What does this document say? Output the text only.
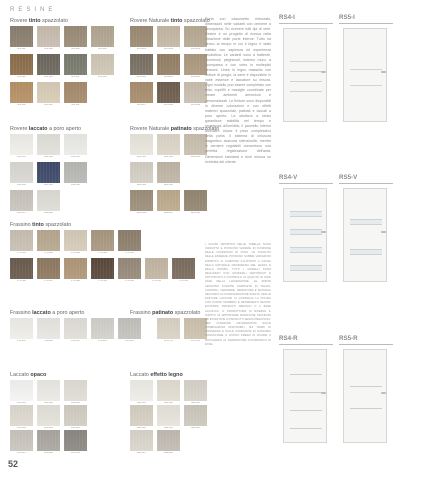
RESINE
Rovere tinto spazzolato
RIV.101	RIV.102	RIV.103	RIV.104
RIV.105	RIV.106	RIV.107	RIV.108
RIV.109	RIV.110	RIV.111
Rovere Naturale tinto spazzolato
RNT.201	RNT.202	RNT.203
RNT.204	RNT.205	RNT.206
RNT.207	RNT.208	RNT.209
Rovere laccato a poro aperto
RLP.301	RLP.302	RLP.303
RLP.304	RLP.305	RLP.306
RLP.307	RLP.308
Rovere Naturale patinato spazzolato
RNP.401	RNP.402	RNP.403
RNP.404	RNP.405
RNP.406	RNP.407	RNP.408
Frassino tinto spazzolato
FTS.501	FTS.502	FTS.503	FTS.504	FTS.505
FTS.506	FTS.507	FTS.508	FTS.509	FTS.510	FTS.511	FTS.512
Frassino laccato a poro aperto
FLP.601	FLP.602	FLP.603	FLP.604	FLP.605
Frassino patinato spazzolato
FPS.701	FPS.702
Laccato opaco
LOP.801	LOP.802	LOP.803
LOP.804	LOP.805	LOP.806
LOP.807	LOP.808	LOP.809
Laccato effetto legno
LEL.901	LEL.902	LEL.903
LEL.904	LEL.905	LEL.906
LEL.907	LEL.908
Porta con cassonetto rinforzato, dimensioni nelle varianti con cerniere a scomparsa. Su ricevere tutti tipi di vetri. Resine è un progetto di ricerca nella creazione delle porte interne. Tutto ha senso al tempo in cui il legno è stato trattato con sapienza ed esperienza produttiva. Le varianti sono a battente, scorrevoli, pieghevoli, esterno muro, a scomparsa e con vetro in molteplici versioni. Linea in legno massello con finiture di pregio; la serie è disponibile in varie essenze e laccature su misura. Ogni modello può essere completato con telai, coprifili e maniglie coordinate per creare ambienti armoniosi e personalizzati. Le finiture sono disponibili in diverse colorazioni e con effetti materici spazzolati, patinati e laccati a poro aperto. La struttura a telaio garantisce stabilità nel tempo e resistenza all'umidità; il pannello interno alveolare riduce il peso complessivo della porta. Il sistema di chiusura magnetico assicura silenziosità, mentre le cerniere regolabili consentono una perfetta registrazione dell'anta. Dimensioni standard e fuori misura su richiesta del cliente.
I VALORI RIPORTATI NELLE TABELLE SONO INDICATIVI E POSSONO VARIARE IN FUNZIONE DELLE CONDIZIONI DI POSA. LE TONALITÀ DELLE ESSENZE POSSONO SUBIRE VARIAZIONI RISPETTO AI CAMPIONI ILLUSTRATI A CAUSA DELLA NATURALE DIFFERENZA DEL LEGNO E DELLA STAMPA. TUTTI I MODELLI SONO REALIZZATI CON MATERIALI CERTIFICATI E SOTTOPOSTI A CONTROLLI DI QUALITÀ IN OGNI FASE DELLA LAVORAZIONE. LE PORTE VENGONO FORNITE COMPLETE DI TELAIO, COPRIFILI, CERNIERE, SERRATURA E MANIGLIA SECONDO LA CONFIGURAZIONE SCELTA. PER LE FINITURE LACCATE SI CONSIGLIA LA PULIZIA CON PANNO MORBIDO E DETERGENTI NEUTRI, EVITANDO PRODOTTI ABRASIVI O A BASE ALCOLICA. IL PRODUTTORE SI RISERVA IL DIRITTO DI APPORTARE MODIFICHE TECNICHE ED ESTETICHE AI PRODOTTI SENZA PREAVVISO. PER ULTERIORI INFORMAZIONI SULLE COMBINAZIONI DISPONIBILI, SUI TEMPI DI CONSEGNA E SULLE CONDIZIONI DI GARANZIA CONSULTARE IL LISTINO PREZZI IN VIGORE O RIVOLGERSI AL RIVENDITORE AUTORIZZATO DI ZONA.
RS4-I	RS5-I
RS4-V	RS5-V
RS4-R	RS5-R
52
